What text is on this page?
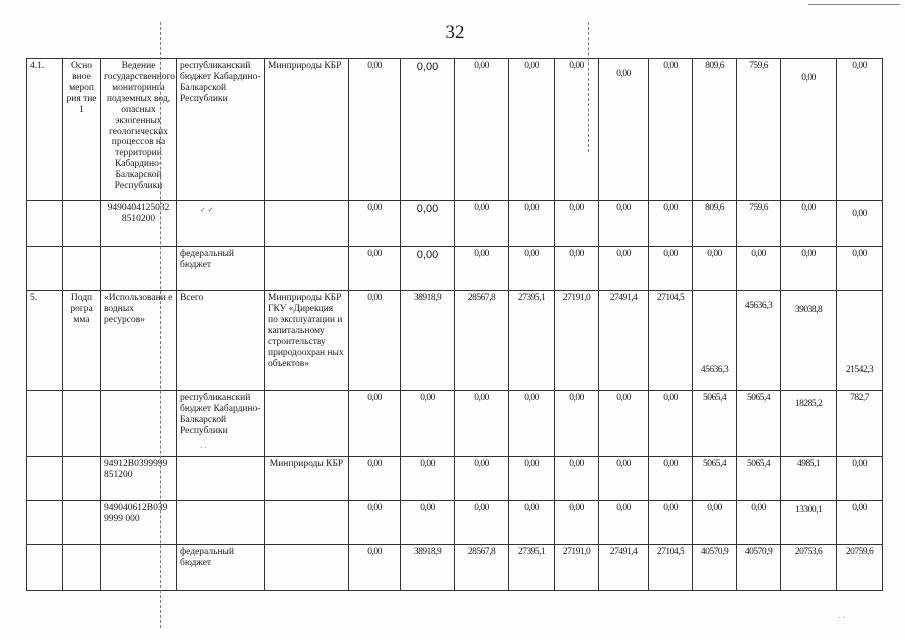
32
4.1.	Осно вное мероп рия тие 1	Ведение государственного мониторинга подземных вод, опасных экзогенных геологических процессов на территории Кабардино-Балкарской Республики	республиканский бюджет Кабардино-Балкарской Республики	Минприроды КБР	0,00	0,00	0,00	0,00	0,00	0,00	0,00	809,6	759,6	0,00	0,00
		9490404125032 8510200			0,00	0,00	0,00	0,00	0,00	0,00	0,00	809,6	759,6	0,00	0,00
			федеральный бюджет		0,00	0,00	0,00	0,00	0,00	0,00	0,00	0,00	0,00	0,00	0,00
5.	Подп рогра мма	«Использовани е водных ресурсов»	Всего	Минприроды КБР ГКУ «Дирекция по эксплуатации и капитальному строительству природоохран ных объектов»	0,00	38918,9	28567,8	27395,1	27191,0	27491,4	27104,5	45636,3	45636,3	39038,8	21542,3
			республиканский бюджет Кабардино-Балкарской Республики		0,00	0,00	0,00	0,00	0,00	0,00	0,00	5065,4	5065,4	18285,2	782,7
		94912В0399999 851200		Минприроды КБР	0,00	0,00	0,00	0,00	0,00	0,00	0,00	5065,4	5065,4	4985,1	0,00
		949040612В039 9999 000			0,00	0,00	0,00	0,00	0,00	0,00	0,00	0,00	0,00	13300,1	0,00
			федеральный бюджет		0,00	38918,9	28567,8	27395,1	27191,0	27491,4	27104,5	40570,9	40570,9	20753,6	20759,6
✓ ✓
· ·
· ·
